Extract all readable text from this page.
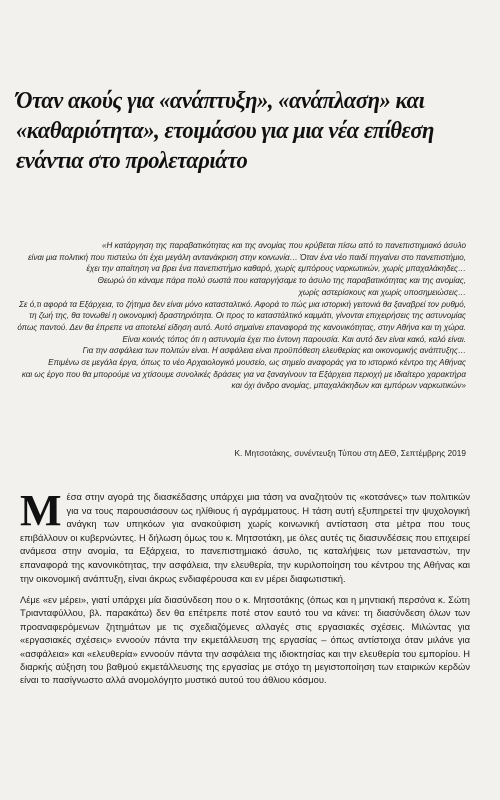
Όταν ακούς για «ανάπτυξη», «ανάπλαση» και «καθαριότητα», ετοιμάσου για μια νέα επίθεση ενάντια στο προλεταριάτο

«Η κατάργηση της παραβατικότητας και της ανομίας που κρύβεται πίσω από το πανεπιστημιακό άσυλο

είναι μια πολιτική που πιστεύω ότι έχει μεγάλη αντανάκριση στην κοινωνία… Όταν ένα νέο παιδί πηγαίνει στο πανεπιστήμιο,

έχει την απαίτηση να βρει ένα πανεπιστήμιο καθαρό, χωρίς εμπόρους ναρκωτικών, χωρίς μπαχαλάκηδες…

Θεωρώ ότι κάναμε πάρα πολύ σωστά που καταργήσαμε το άσυλο της παραβατικότητας και της ανομίας,

χωρίς αστερίσκους και χωρίς υποσημειώσεις…

Σε ό,τι αφορά τα Εξάρχεια, το ζήτημα δεν είναι μόνο κατασταλτικό. Αφορά το πώς μια ιστορική γειτονιά θα ξαναβρεί τον ρυθμό,

τη ζωή της, θα τονωθεί η οικονομική δραστηριότητα. Οι προς το καταστάλτικό καμμάτι, γίνονται επιχειρήσεις της αστυνομίας

όπως παντού. Δεν θα έπρεπε να αποτελεί είδηση αυτό. Αυτό σημαίνει επαναφορά της κανονικότητας, στην Αθήνα και τη χώρα.

Είναι κοινός τόπος ότι η αστυνομία έχει πιο έντονη παρουσία. Και αυτό δεν είναι κακό, καλό είναι.

Για την ασφάλεια των πολιτών είναι. Η ασφάλεια είναι προϋπόθεση ελευθερίας και οικονομικής ανάπτυξης…

Επιμένω σε μεγάλα έργα, όπως το νέο Αρχαιολογικό μουσείο, ως σημείο αναφοράς για το ιστορικό κέντρο της Αθήνας

και ως έργο που θα μπορούμε να χτίσουμε συνολικές δράσεις για να ξαναγίνουν τα Εξάρχεια περιοχή με ιδιαίτερο χαρακτήρα

και όχι άνδρο ανομίας, μπαχαλάκηδων και εμπόρων ναρκωτικών»

Κ. Μητσοτάκης, συνέντευξη Τύπου στη ΔΕΘ, Σεπτέμβρης 2019
Μ έσα στην αγορά της διασκέδασης υπάρχει μια τάση να αναζητούν τις «κοτσάνες» των πολιτικών για να τους παρουσιάσουν ως ηλίθιους ή αγράμματους. Η τάση αυτή εξυπηρετεί την ψυχολογική ανάγκη των υπηκόων για ανακούφιση χωρίς κοινωνική αντίσταση στα μέτρα που τους επιβάλλουν οι κυβερνώντες. Η δήλωση όμως του κ. Μητσοτάκη, με όλες αυτές τις διασυνδέσεις που επιχειρεί ανάμεσα στην ανομία, τα Εξάρχεια, το πανεπιστημιακό άσυλο, τις καταλήψεις των μεταναστών, την επαναφορά της κανονικότητας, την ασφάλεια, την ελευθερία, την κυριλοποίηση του κέντρου της Αθήνας και την οικονομική ανάπτυξη, είναι άκρως ενδιαφέρουσα και εν μέρει διαφωτιστική.

Λέμε «εν μέρει», γιατί υπάρχει μία διασύνδεση που ο κ. Μητσοτάκης (όπως και η μηντιακή περσόνα κ. Σώτη Τριανταφύλλου, βλ. παρακάτω) δεν θα επέτρεπε ποτέ στον εαυτό του να κάνει: τη διασύνδεση όλων των προαναφερόμενων ζητημάτων με τις σχεδιαζόμενες αλλαγές στις εργασιακές σχέσεις. Μιλώντας για «εργασιακές σχέσεις» εννοούν πάντα την εκμετάλλευση της εργασίας – όπως αντίστοιχα όταν μιλάνε για «ασφάλεια» και «ελευθερία» εννοούν πάντα την ασφάλεια της ιδιοκτησίας και την ελευθερία του εμπορίου. Η διαρκής αύξηση του βαθμού εκμετάλλευσης της εργασίας με στόχο τη μεγιστοποίηση των εταιρικών κερδών είναι το πασίγνωστο αλλά ανομολόγητο μυστικό αυτού του άθλιου κόσμου.
